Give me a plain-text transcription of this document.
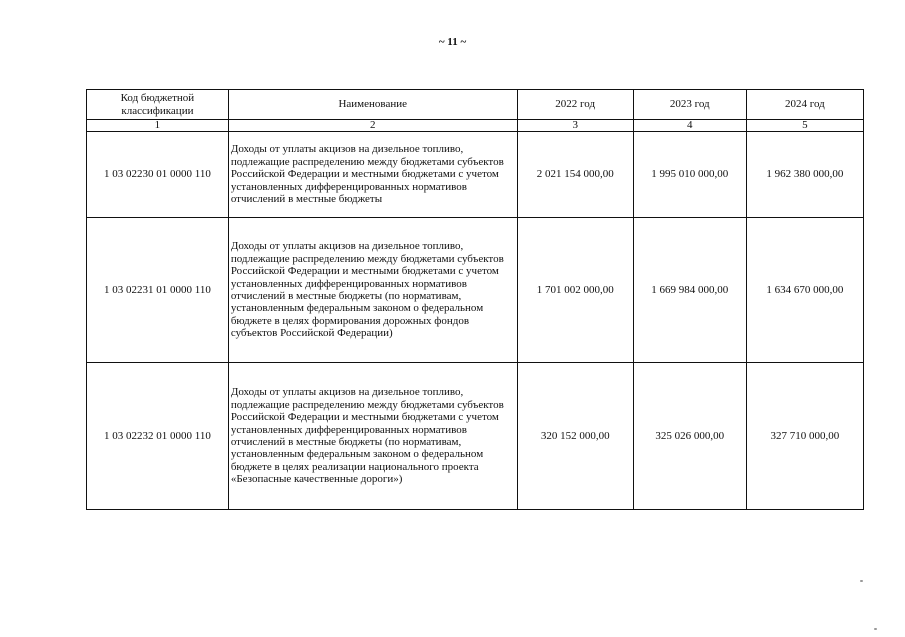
~ 11 ~
Код бюджетной классификации	Наименование	2022 год	2023 год	2024 год
1	2	3	4	5
1 03 02230 01 0000 110	Доходы от уплаты акцизов на дизельное топливо, подлежащие распределению между бюджетами субъектов Российской Федерации и местными бюджетами с учетом установленных дифференцированных нормативов отчислений в местные бюджеты	2 021 154 000,00	1 995 010 000,00	1 962 380 000,00
1 03 02231 01 0000 110	Доходы от уплаты акцизов на дизельное топливо, подлежащие распределению между бюджетами субъектов Российской Федерации и местными бюджетами с учетом установленных дифференцированных нормативов отчислений в местные бюджеты (по нормативам, установленным федеральным законом о федеральном бюджете в целях формирования дорожных фондов субъектов Российской Федерации)	1 701 002 000,00	1 669 984 000,00	1 634 670 000,00
1 03 02232 01 0000 110	Доходы от уплаты акцизов на дизельное топливо, подлежащие распределению между бюджетами субъектов Российской Федерации и местными бюджетами с учетом установленных дифференцированных нормативов отчислений в местные бюджеты (по нормативам, установленным федеральным законом о федеральном бюджете в целях реализации национального проекта «Безопасные качественные дороги»)	320 152 000,00	325 026 000,00	327 710 000,00
